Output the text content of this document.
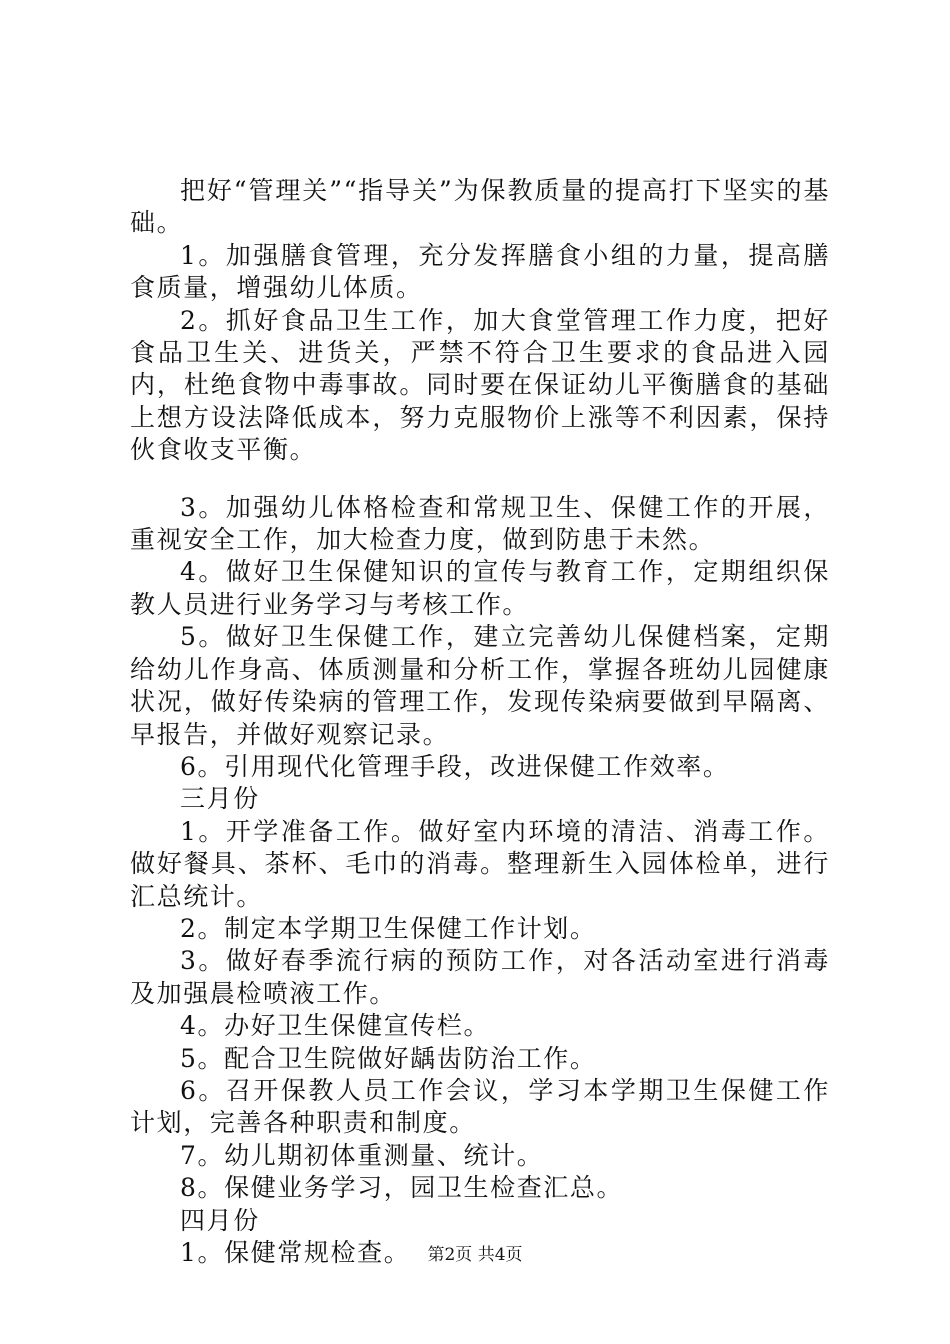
把好“管理关”“指导关”为保教质量的提高打下坚实的基础。

1。加强膳食管理，充分发挥膳食小组的力量，提高膳食质量，增强幼儿体质。

2。抓好食品卫生工作，加大食堂管理工作力度，把好食品卫生关、进货关，严禁不符合卫生要求的食品进入园内，杜绝食物中毒事故。同时要在保证幼儿平衡膳食的基础上想方设法降低成本，努力克服物价上涨等不利因素，保持伙食收支平衡。

3。加强幼儿体格检查和常规卫生、保健工作的开展，重视安全工作，加大检查力度，做到防患于未然。

4。做好卫生保健知识的宣传与教育工作，定期组织保教人员进行业务学习与考核工作。

5。做好卫生保健工作，建立完善幼儿保健档案，定期给幼儿作身高、体质测量和分析工作，掌握各班幼儿园健康状况，做好传染病的管理工作，发现传染病要做到早隔离、早报告，并做好观察记录。

6。引用现代化管理手段，改进保健工作效率。

三月份

1。开学准备工作。做好室内环境的清洁、消毒工作。做好餐具、茶杯、毛巾的消毒。整理新生入园体检单，进行汇总统计。

2。制定本学期卫生保健工作计划。

3。做好春季流行病的预防工作，对各活动室进行消毒及加强晨检喷液工作。

4。办好卫生保健宣传栏。

5。配合卫生院做好龋齿防治工作。

6。召开保教人员工作会议，学习本学期卫生保健工作计划，完善各种职责和制度。

7。幼儿期初体重测量、统计。

8。保健业务学习，园卫生检查汇总。

四月份

1。保健常规检查。	第2页 共4页
